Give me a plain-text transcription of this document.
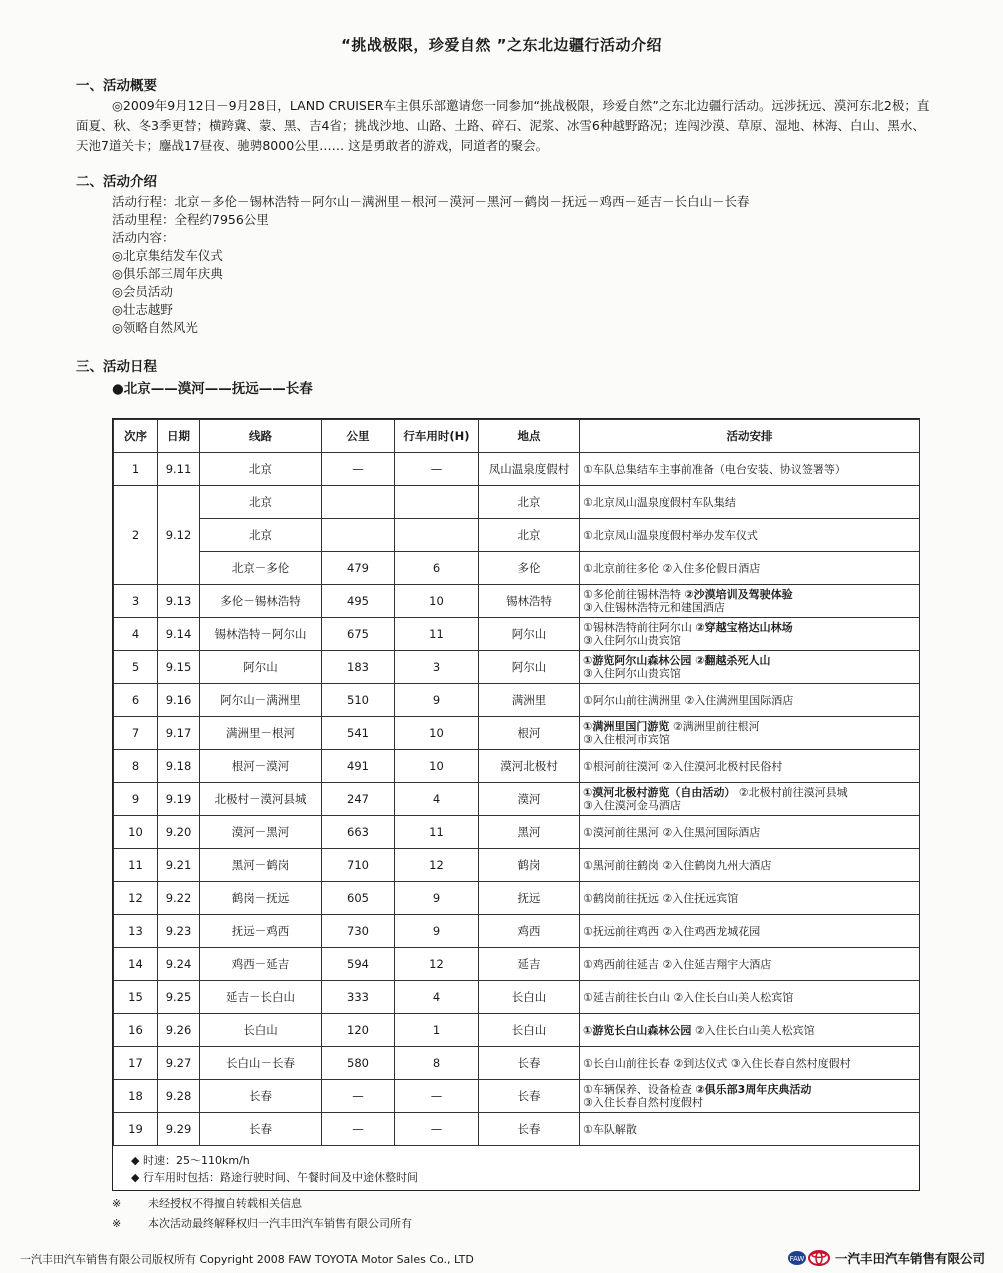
“挑战极限，珍爱自然 ”之东北边疆行活动介绍
一、活动概要
◎2009年9月12日－9月28日，LAND CRUISER车主俱乐部邀请您一同参加“挑战极限，珍爱自然”之东北边疆行活动。远涉抚远、漠河东北2极；直面夏、秋、冬3季更替；横跨冀、蒙、黑、吉4省；挑战沙地、山路、土路、碎石、泥浆、冰雪6种越野路况；连闯沙漠、草原、湿地、林海、白山、黑水、天池7道关卡；鏖战17昼夜、驰骋8000公里…… 这是勇敢者的游戏，同道者的聚会。
二、活动介绍
活动行程：北京－多伦－锡林浩特－阿尔山－满洲里－根河－漠河－黑河－鹤岗－抚远－鸡西－延吉－长白山－长春
活动里程：全程约7956公里
活动内容：
◎北京集结发车仪式
◎俱乐部三周年庆典
◎会员活动
◎壮志越野
◎领略自然风光
三、活动日程
●北京——漠河——抚远——长春
次序	日期	线路	公里	行车用时(H)	地点	活动安排
1	9.11	北京	—	—	凤山温泉度假村	①车队总集结车主事前准备（电台安装、协议签署等）
2	9.12	北京			北京	①北京凤山温泉度假村车队集结
		北京			北京	①北京凤山温泉度假村举办发车仪式
		北京－多伦	479	6	多伦	①北京前往多伦 ②入住多伦假日酒店
3	9.13	多伦－锡林浩特	495	10	锡林浩特	①多伦前往锡林浩特 ②沙漠培训及驾驶体验
③入住锡林浩特元和建国酒店
4	9.14	锡林浩特－阿尔山	675	11	阿尔山	①锡林浩特前往阿尔山 ②穿越宝格达山林场
③入住阿尔山贵宾馆
5	9.15	阿尔山	183	3	阿尔山	①游览阿尔山森林公园 ②翻越杀死人山
③入住阿尔山贵宾馆
6	9.16	阿尔山－满洲里	510	9	满洲里	①阿尔山前往满洲里 ②入住满洲里国际酒店
7	9.17	满洲里－根河	541	10	根河	①满洲里国门游览 ②满洲里前往根河
③入住根河市宾馆
8	9.18	根河－漠河	491	10	漠河北极村	①根河前往漠河 ②入住漠河北极村民俗村
9	9.19	北极村－漠河县城	247	4	漠河	①漠河北极村游览（自由活动） ②北极村前往漠河县城
③入住漠河金马酒店
10	9.20	漠河－黑河	663	11	黑河	①漠河前往黑河 ②入住黑河国际酒店
11	9.21	黑河－鹤岗	710	12	鹤岗	①黑河前往鹤岗 ②入住鹤岗九州大酒店
12	9.22	鹤岗－抚远	605	9	抚远	①鹤岗前往抚远 ②入住抚远宾馆
13	9.23	抚远－鸡西	730	9	鸡西	①抚远前往鸡西 ②入住鸡西龙城花园
14	9.24	鸡西－延吉	594	12	延吉	①鸡西前往延吉 ②入住延吉翔宇大酒店
15	9.25	延吉－长白山	333	4	长白山	①延吉前往长白山 ②入住长白山美人松宾馆
16	9.26	长白山	120	1	长白山	①游览长白山森林公园 ②入住长白山美人松宾馆
17	9.27	长白山－长春	580	8	长春	①长白山前往长春 ②到达仪式 ③入住长春自然村度假村
18	9.28	长春	—	—	长春	①车辆保养、设备检查 ②俱乐部3周年庆典活动
③入住长春自然村度假村
19	9.29	长春	—	—	长春	①车队解散
◆ 时速：25～110km/h
◆ 行车用时包括：路途行驶时间、午餐时间及中途休整时间
※ 未经授权不得擅自转载相关信息
※ 本次活动最终解释权归一汽丰田汽车销售有限公司所有
一汽丰田汽车销售有限公司版权所有 Copyright 2008 FAW TOYOTA Motor Sales Co., LTD	FAW 一汽丰田汽车销售有限公司
